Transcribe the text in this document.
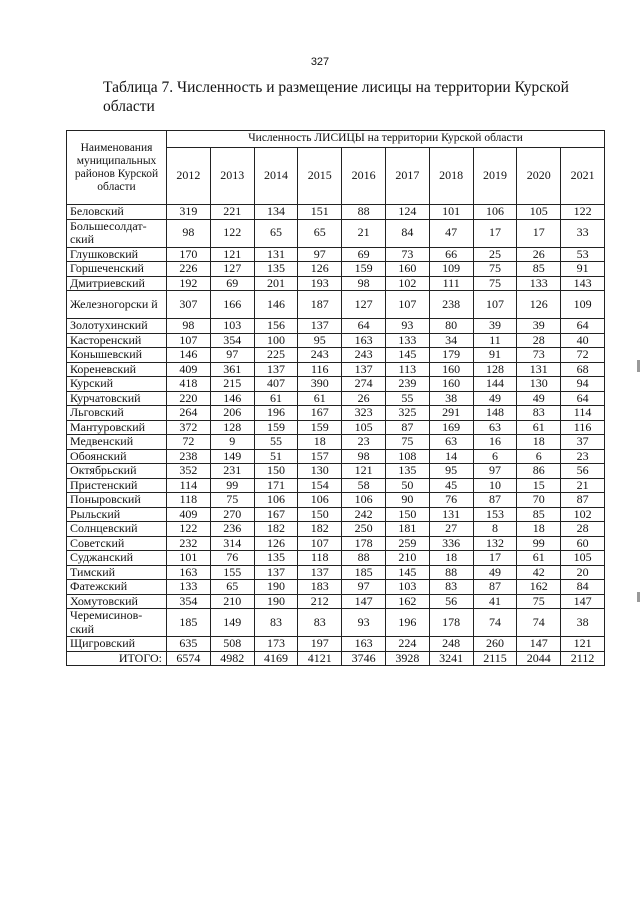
327
Таблица 7. Численность и размещение лисицы на территории Курской
области
Наименования муниципальных районов Курской области	Численность ЛИСИЦЫ на территории Курской области									
	2012	2013	2014	2015	2016	2017	2018	2019	2020	2021
Беловский	319	221	134	151	88	124	101	106	105	122
Большесолдат-ский	98	122	65	65	21	84	47	17	17	33
Глушковский	170	121	131	97	69	73	66	25	26	53
Горшеченский	226	127	135	126	159	160	109	75	85	91
Дмитриевский	192	69	201	193	98	102	111	75	133	143
Железногорски й	307	166	146	187	127	107	238	107	126	109
Золотухинский	98	103	156	137	64	93	80	39	39	64
Касторенский	107	354	100	95	163	133	34	11	28	40
Конышевский	146	97	225	243	243	145	179	91	73	72
Кореневский	409	361	137	116	137	113	160	128	131	68
Курский	418	215	407	390	274	239	160	144	130	94
Курчатовский	220	146	61	61	26	55	38	49	49	64
Льговский	264	206	196	167	323	325	291	148	83	114
Мантуровский	372	128	159	159	105	87	169	63	61	116
Медвенский	72	9	55	18	23	75	63	16	18	37
Обоянский	238	149	51	157	98	108	14	6	6	23
Октябрьский	352	231	150	130	121	135	95	97	86	56
Пристенский	114	99	171	154	58	50	45	10	15	21
Поныровский	118	75	106	106	106	90	76	87	70	87
Рыльский	409	270	167	150	242	150	131	153	85	102
Солнцевский	122	236	182	182	250	181	27	8	18	28
Советский	232	314	126	107	178	259	336	132	99	60
Суджанский	101	76	135	118	88	210	18	17	61	105
Тимский	163	155	137	137	185	145	88	49	42	20
Фатежский	133	65	190	183	97	103	83	87	162	84
Хомутовский	354	210	190	212	147	162	56	41	75	147
Черемисинов-ский	185	149	83	83	93	196	178	74	74	38
Щигровский	635	508	173	197	163	224	248	260	147	121
ИТОГО:	6574	4982	4169	4121	3746	3928	3241	2115	2044	2112
